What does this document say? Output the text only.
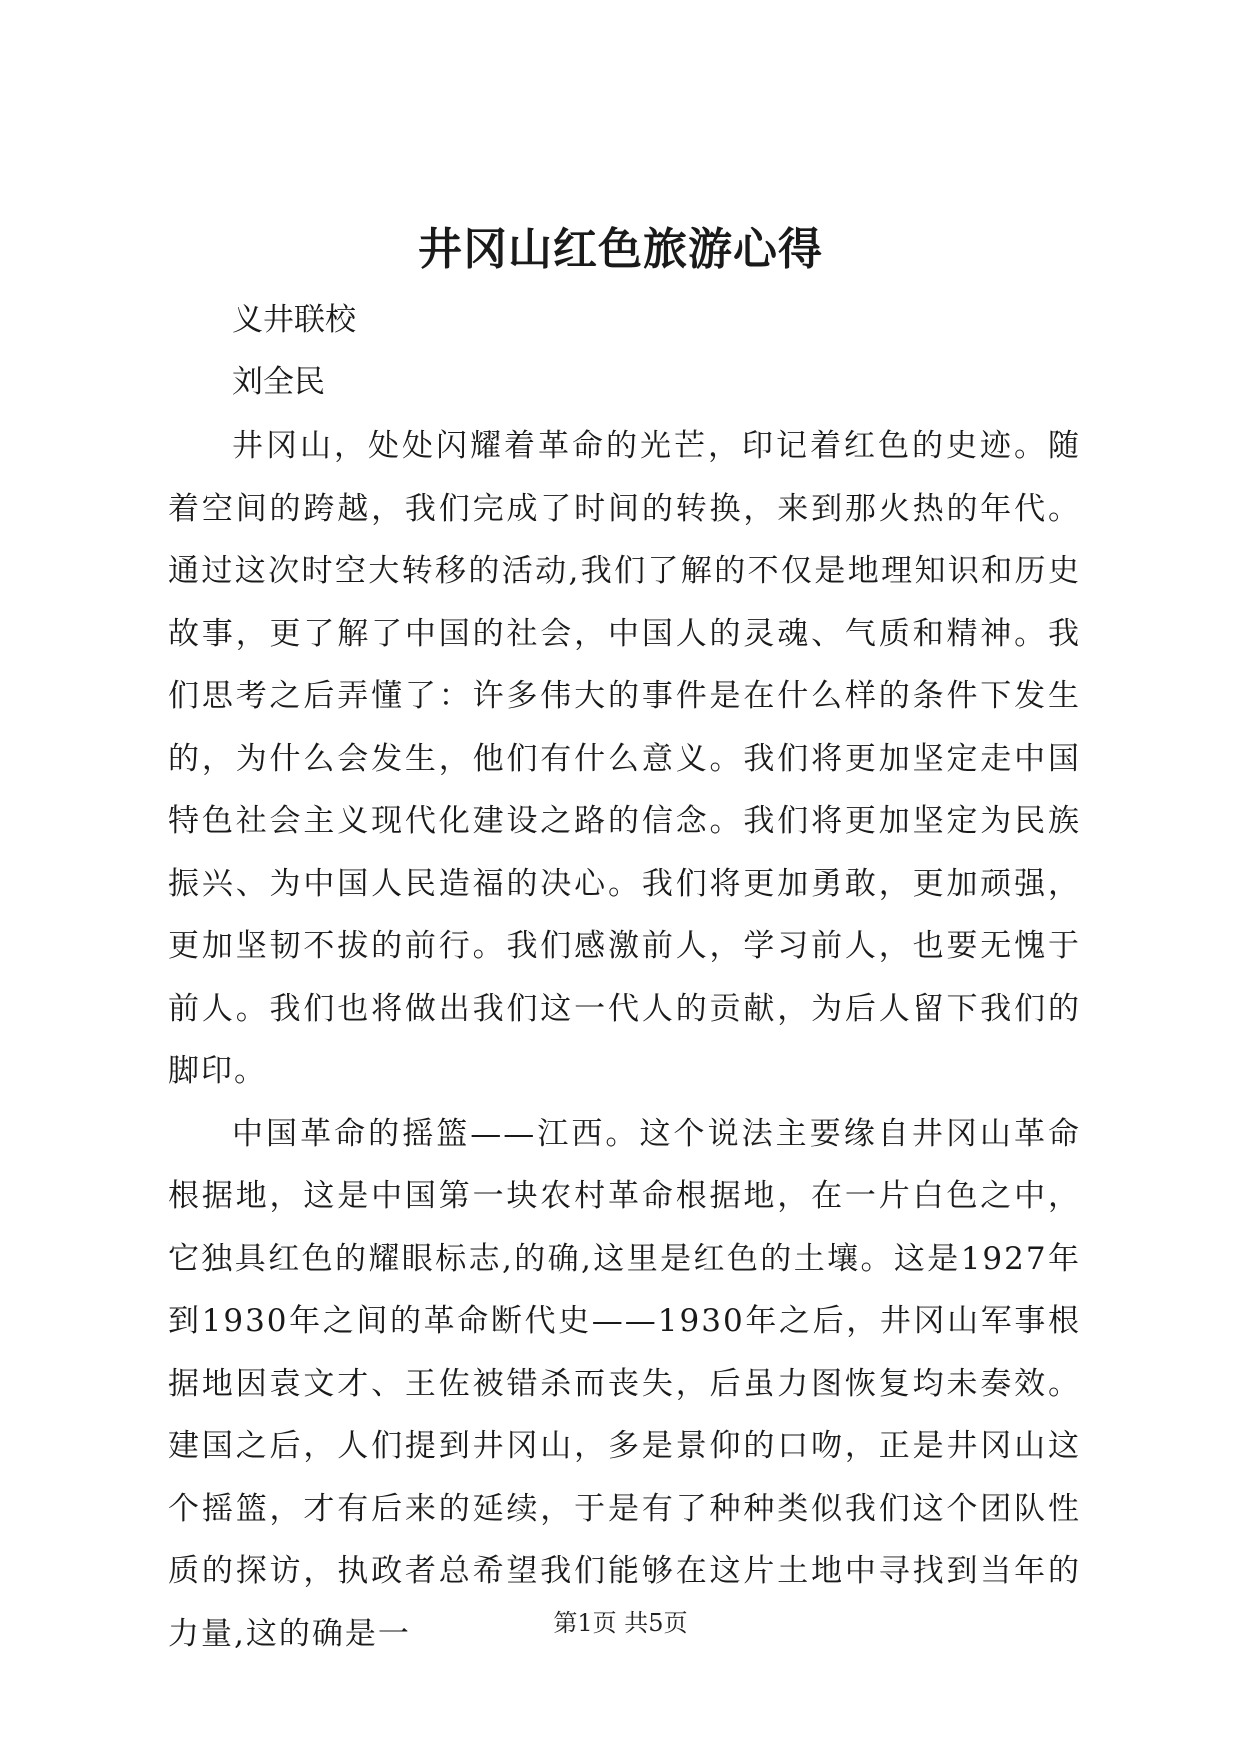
井冈山红色旅游心得
义井联校
刘全民

井冈山，处处闪耀着革命的光芒，印记着红色的史迹。随着空间的跨越，我们完成了时间的转换，来到那火热的年代。通过这次时空大转移的活动,我们了解的不仅是地理知识和历史故事，更了解了中国的社会，中国人的灵魂、气质和精神。我们思考之后弄懂了：许多伟大的事件是在什么样的条件下发生的，为什么会发生，他们有什么意义。我们将更加坚定走中国特色社会主义现代化建设之路的信念。我们将更加坚定为民族振兴、为中国人民造福的决心。我们将更加勇敢，更加顽强，更加坚韧不拔的前行。我们感激前人，学习前人，也要无愧于前人。我们也将做出我们这一代人的贡献，为后人留下我们的脚印。

中国革命的摇篮——江西。这个说法主要缘自井冈山革命根据地，这是中国第一块农村革命根据地，在一片白色之中，它独具红色的耀眼标志,的确,这里是红色的土壤。这是1927年到1930年之间的革命断代史——1930年之后，井冈山军事根据地因袁文才、王佐被错杀而丧失，后虽力图恢复均未奏效。建国之后，人们提到井冈山，多是景仰的口吻，正是井冈山这个摇篮，才有后来的延续，于是有了种种类似我们这个团队性质的探访，执政者总希望我们能够在这片土地中寻找到当年的力量,这的确是一	第1页 共5页
